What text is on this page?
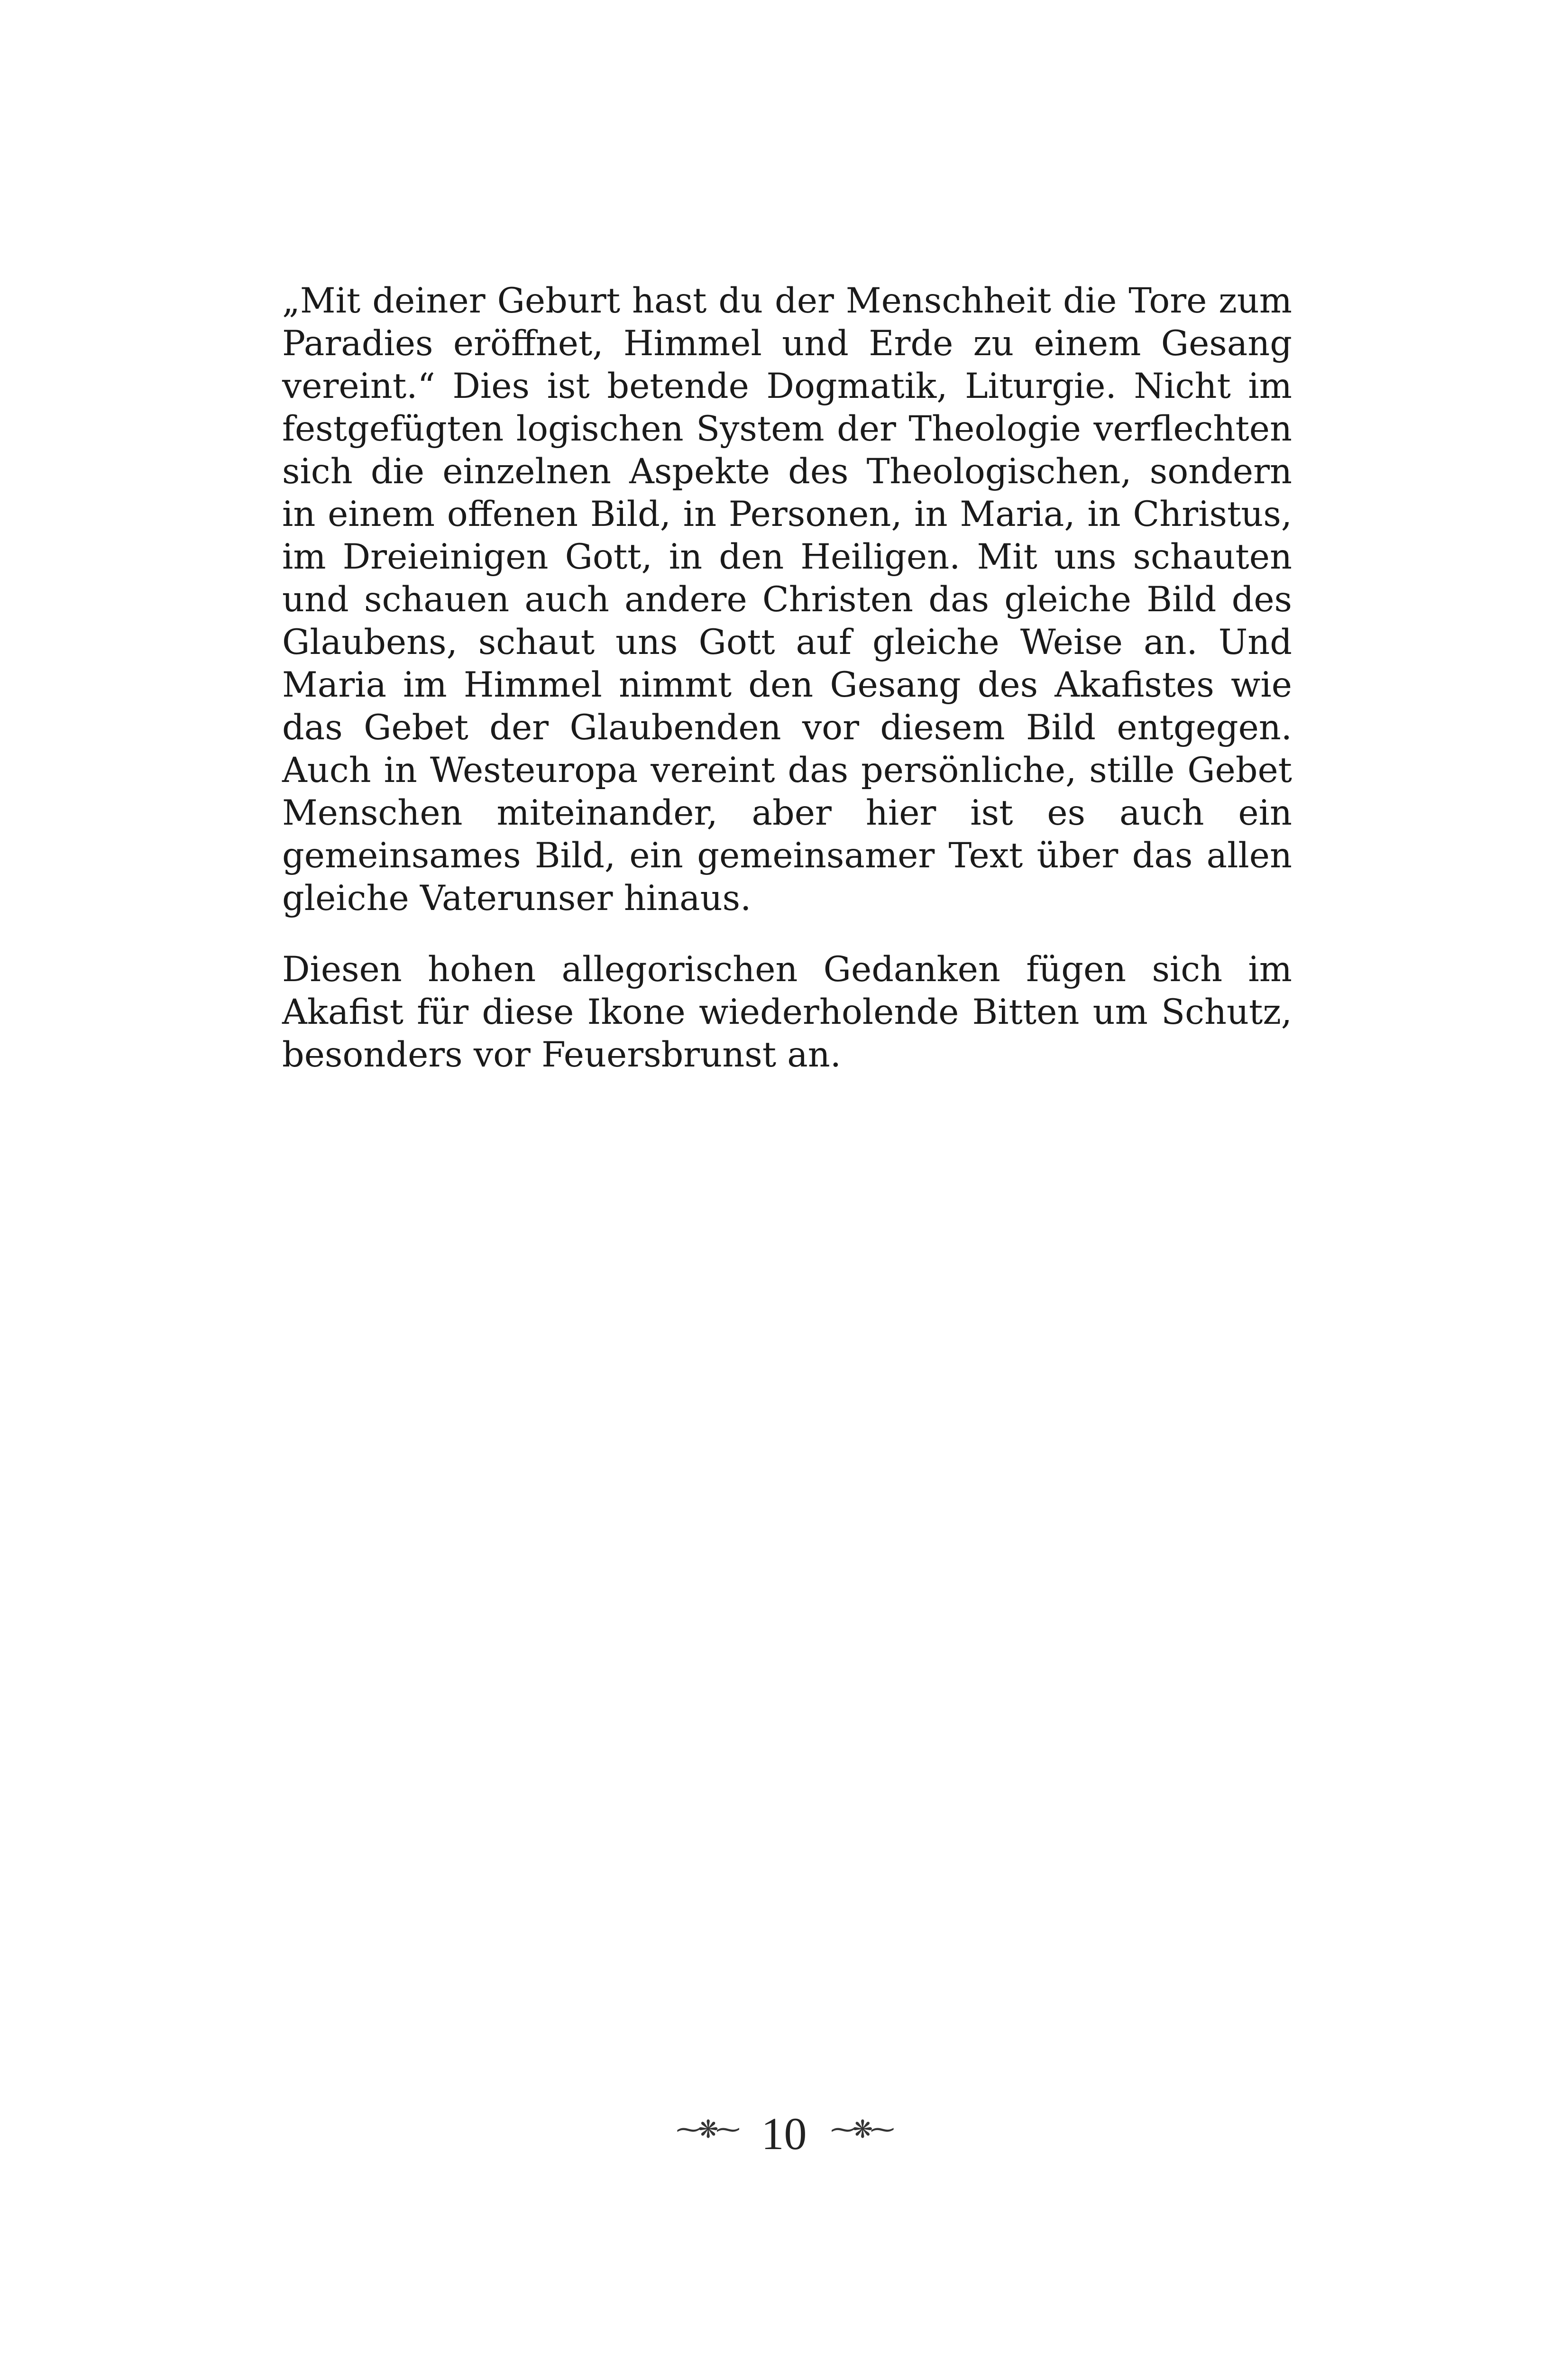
„Mit deiner Geburt hast du der Menschheit die Tore zum Paradies eröffnet, Himmel und Erde zu einem Gesang vereint.“ Dies ist betende Dogmatik, Liturgie. Nicht im festgefügten logischen System der Theologie verflechten sich die einzelnen Aspekte des Theologischen, sondern in einem offenen Bild, in Personen, in Maria, in Christus, im Dreieinigen Gott, in den Heiligen. Mit uns schauten und schauen auch andere Christen das gleiche Bild des Glaubens, schaut uns Gott auf gleiche Weise an. Und Maria im Himmel nimmt den Gesang des Akafistes wie das Gebet der Glaubenden vor diesem Bild entgegen. Auch in Westeuropa vereint das persönliche, stille Gebet Menschen miteinander, aber hier ist es auch ein gemeinsames Bild, ein gemeinsamer Text über das allen gleiche Vaterunser hinaus.

Diesen hohen allegorischen Gedanken fügen sich im Akafist für diese Ikone wiederholende Bitten um Schutz, besonders vor Feuersbrunst an.

⁓❋⁓ 10 ⁓❋⁓
